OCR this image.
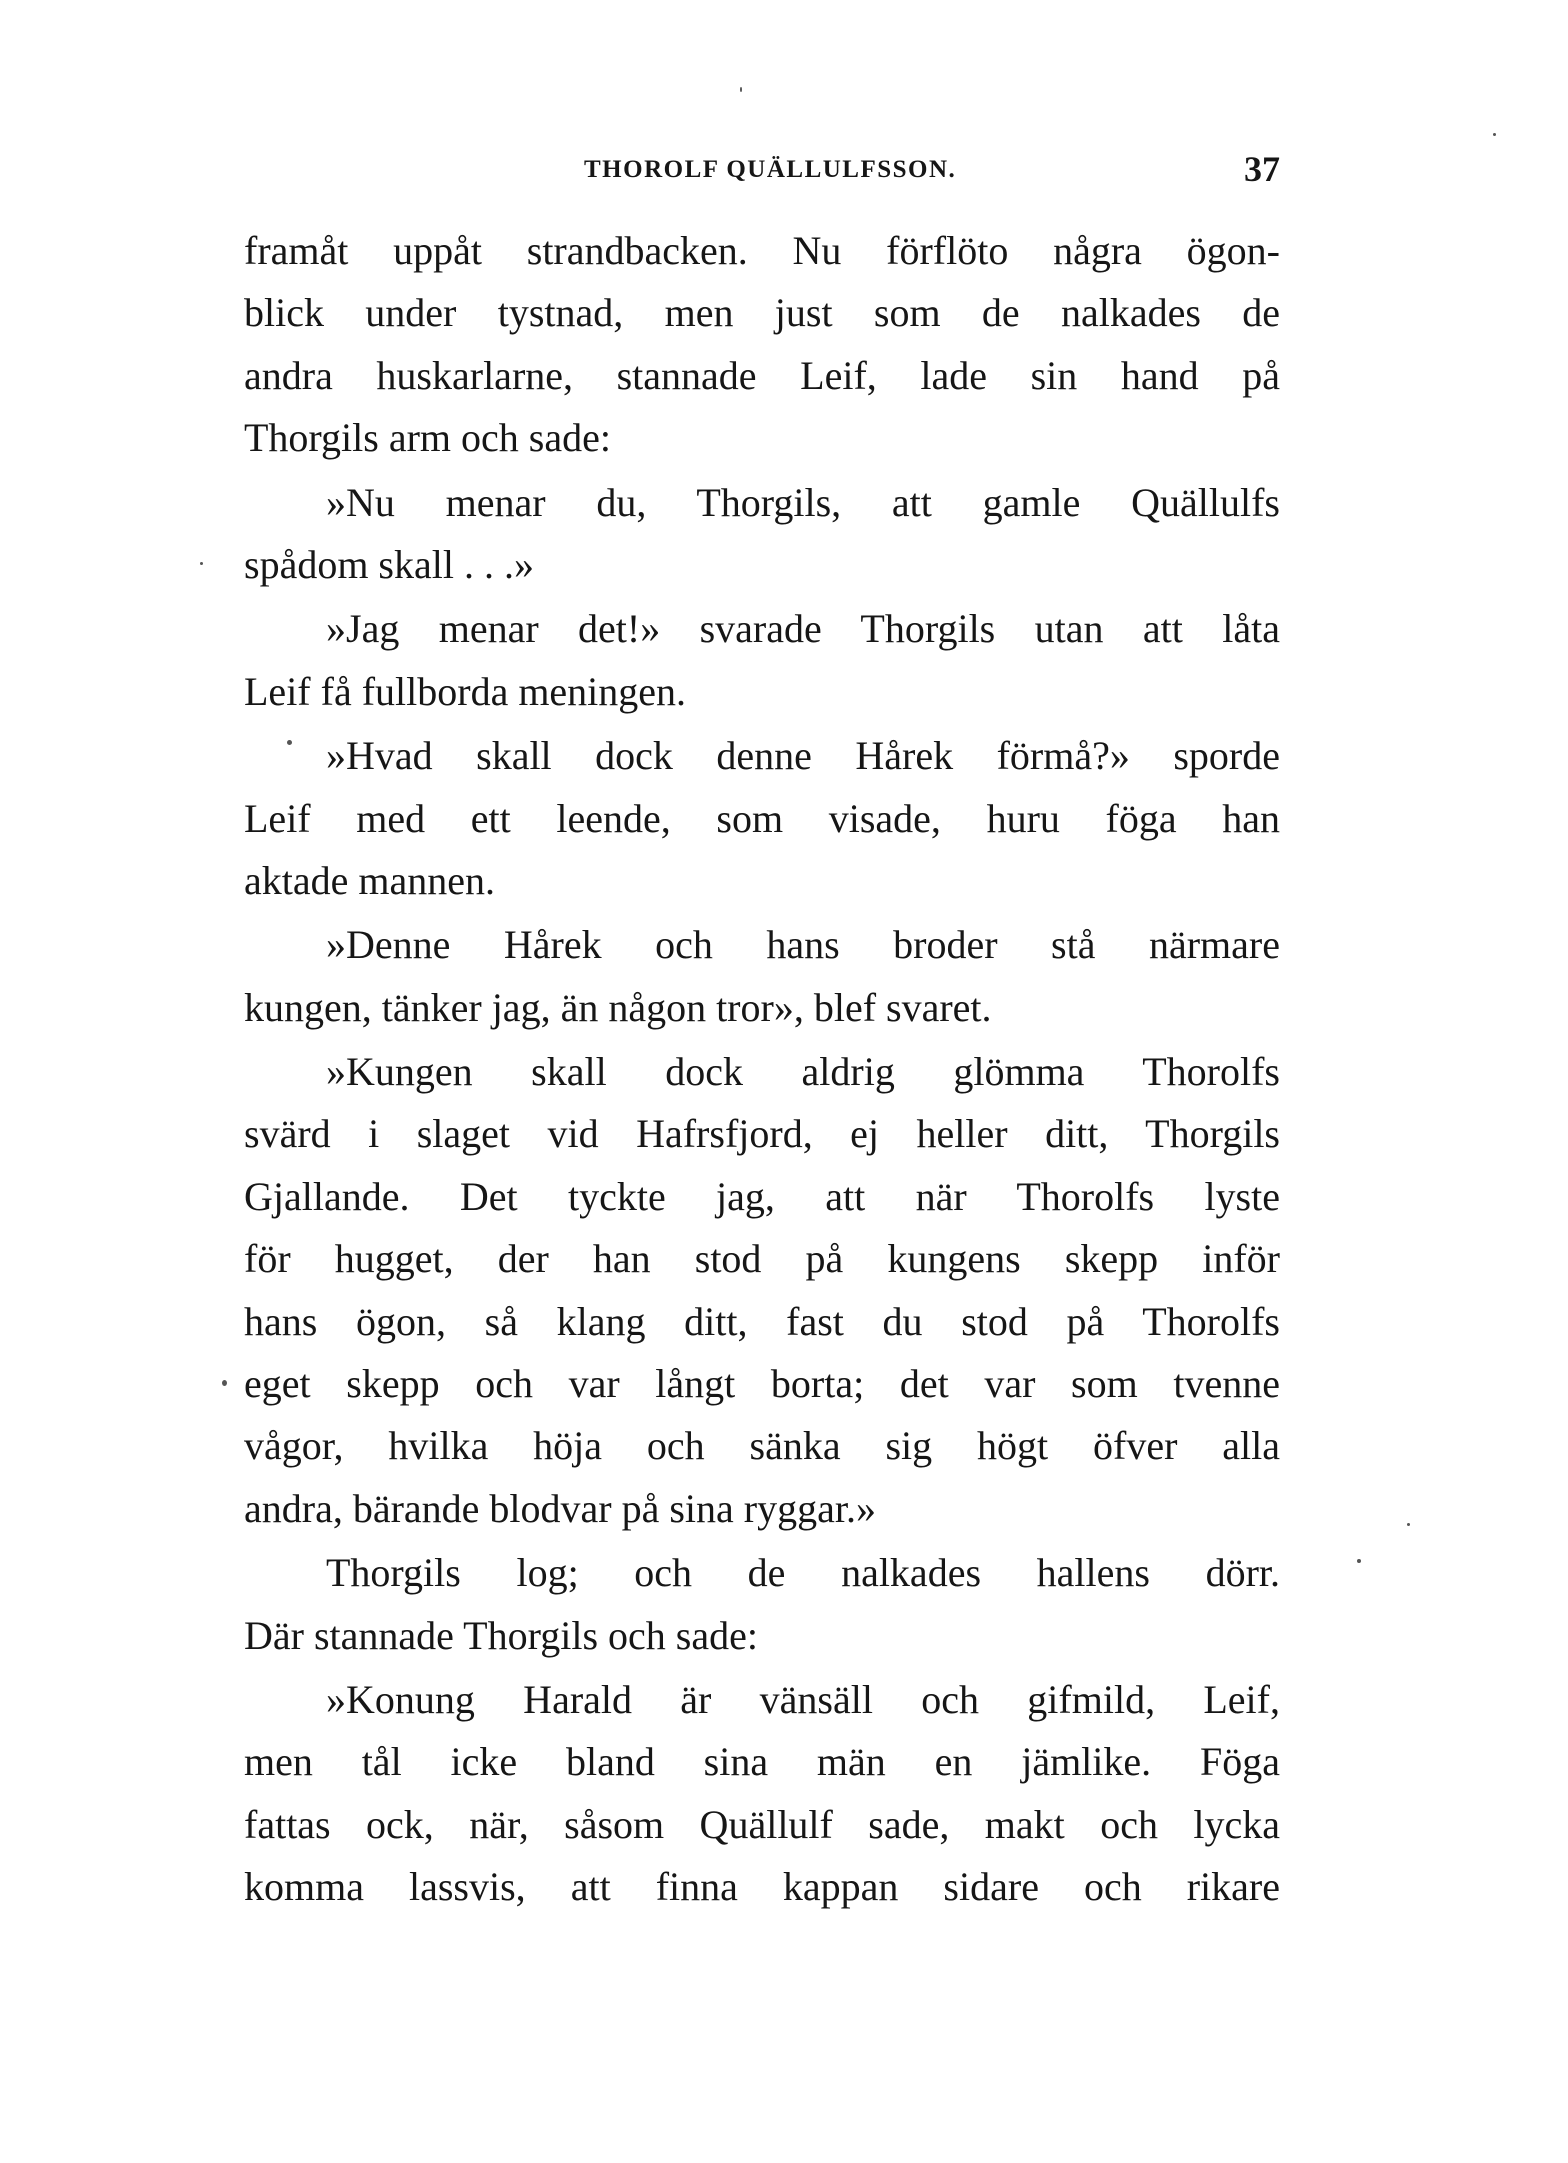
THOROLF QUÄLLULFSSON.	37
framåt uppåt strandbacken. Nu förflöto några ögon-
blick under tystnad, men just som de nalkades de
andra huskarlarne, stannade Leif, lade sin hand på
Thorgils arm och sade:
»Nu menar du, Thorgils, att gamle Quällulfs
spådom skall . . .»
»Jag menar det!» svarade Thorgils utan att låta
Leif få fullborda meningen.
»Hvad skall dock denne Hårek förmå?» sporde
Leif med ett leende, som visade, huru föga han
aktade mannen.
»Denne Hårek och hans broder stå närmare
kungen, tänker jag, än någon tror», blef svaret.
»Kungen skall dock aldrig glömma Thorolfs
svärd i slaget vid Hafrsfjord, ej heller ditt, Thorgils
Gjallande. Det tyckte jag, att när Thorolfs lyste
för hugget, der han stod på kungens skepp inför
hans ögon, så klang ditt, fast du stod på Thorolfs
eget skepp och var långt borta; det var som tvenne
vågor, hvilka höja och sänka sig högt öfver alla
andra, bärande blodvar på sina ryggar.»
Thorgils log; och de nalkades hallens dörr.
Där stannade Thorgils och sade:
»Konung Harald är vänsäll och gifmild, Leif,
men tål icke bland sina män en jämlike. Föga
fattas ock, när, såsom Quällulf sade, makt och lycka
komma lassvis, att finna kappan sidare och rikare
